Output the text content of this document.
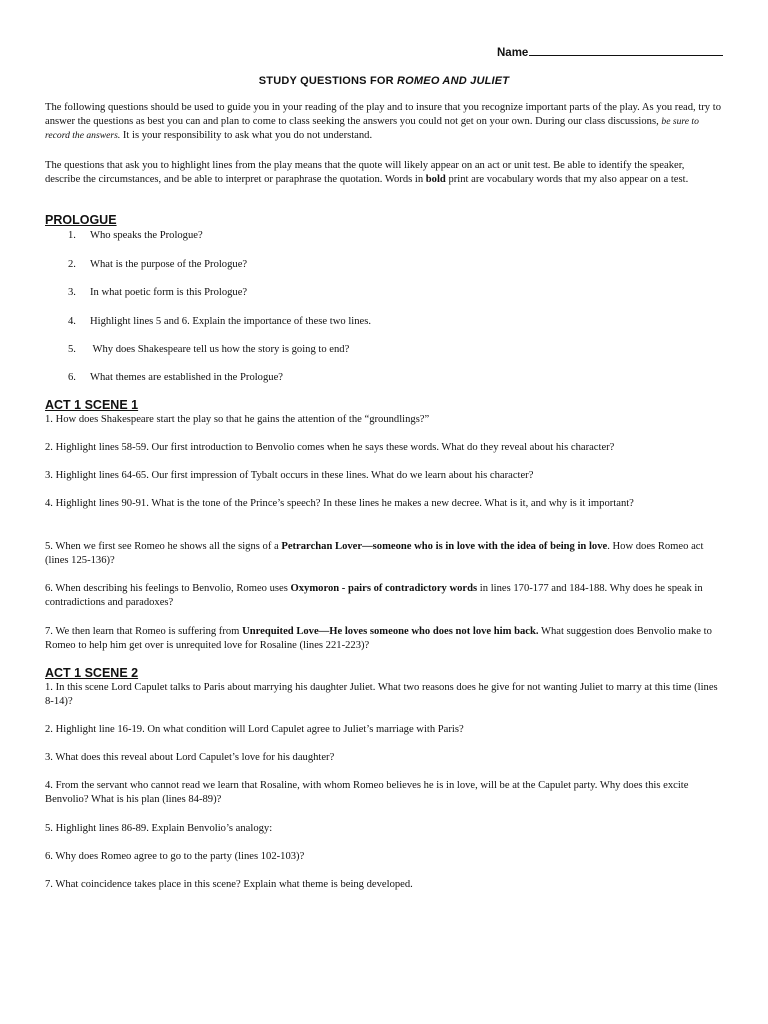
Name
STUDY QUESTIONS FOR ROMEO AND JULIET

The following questions should be used to guide you in your reading of the play and to insure that you recognize important parts of the play. As you read, try to answer the questions as best you can and plan to come to class seeking the answers you could not get on your own. During our class discussions, be sure to record the answers. It is your responsibility to ask what you do not understand.

The questions that ask you to highlight lines from the play means that the quote will likely appear on an act or unit test. Be able to identify the speaker, describe the circumstances, and be able to interpret or paraphrase the quotation. Words in bold print are vocabulary words that my also appear on a test.

PROLOGUE
1. Who speaks the Prologue?
2. What is the purpose of the Prologue?
3. In what poetic form is this Prologue?
4. Highlight lines 5 and 6. Explain the importance of these two lines.
5. Why does Shakespeare tell us how the story is going to end?
6. What themes are established in the Prologue?
ACT 1 SCENE 1
1. How does Shakespeare start the play so that he gains the attention of the “groundlings?”
2. Highlight lines 58-59. Our first introduction to Benvolio comes when he says these words. What do they reveal about his character?
3. Highlight lines 64-65. Our first impression of Tybalt occurs in these lines. What do we learn about his character?
4. Highlight lines 90-91. What is the tone of the Prince’s speech? In these lines he makes a new decree. What is it, and why is it important?
5. When we first see Romeo he shows all the signs of a Petrarchan Lover—someone who is in love with the idea of being in love. How does Romeo act (lines 125-136)?
6. When describing his feelings to Benvolio, Romeo uses Oxymoron - pairs of contradictory words in lines 170-177 and 184-188. Why does he speak in contradictions and paradoxes?
7. We then learn that Romeo is suffering from Unrequited Love—He loves someone who does not love him back. What suggestion does Benvolio make to Romeo to help him get over is unrequited love for Rosaline (lines 221-223)?
ACT 1 SCENE 2
1. In this scene Lord Capulet talks to Paris about marrying his daughter Juliet. What two reasons does he give for not wanting Juliet to marry at this time (lines 8-14)?
2. Highlight line 16-19. On what condition will Lord Capulet agree to Juliet’s marriage with Paris?
3. What does this reveal about Lord Capulet’s love for his daughter?
4. From the servant who cannot read we learn that Rosaline, with whom Romeo believes he is in love, will be at the Capulet party. Why does this excite Benvolio? What is his plan (lines 84-89)?
5. Highlight lines 86-89. Explain Benvolio’s analogy:
6. Why does Romeo agree to go to the party (lines 102-103)?
7. What coincidence takes place in this scene? Explain what theme is being developed.
